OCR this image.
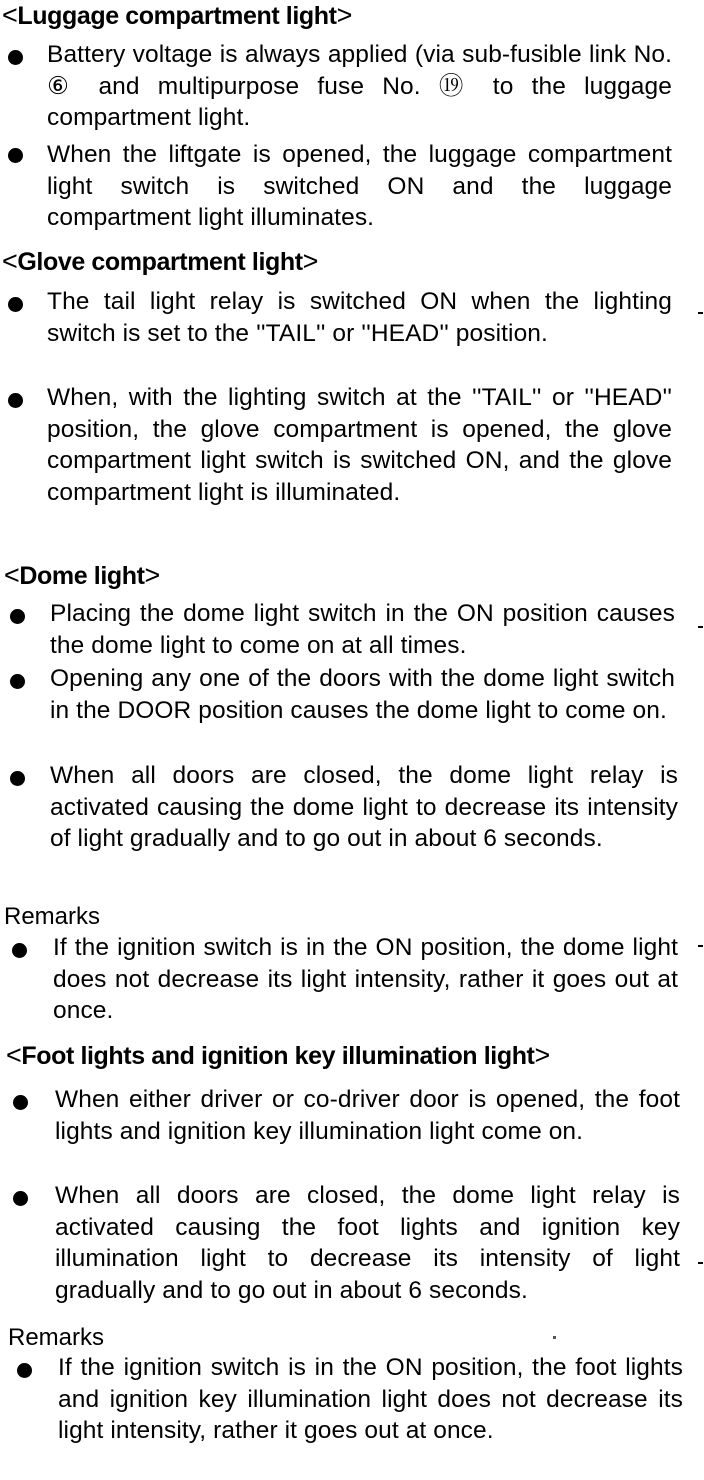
<Luggage compartment light>
Battery voltage is always applied (via sub-fusible link No. ⑥ and multipurpose fuse No. ⑲ to the luggage compartment light.
When the liftgate is opened, the luggage compartment light switch is switched ON and the luggage compartment light illuminates.
<Glove compartment light>
The tail light relay is switched ON when the lighting switch is set to the ''TAIL'' or ''HEAD'' position.
When, with the lighting switch at the ''TAIL'' or ''HEAD'' position, the glove compartment is opened, the glove compartment light switch is switched ON, and the glove compartment light is illuminated.
<Dome light>
Placing the dome light switch in the ON position causes the dome light to come on at all times.
Opening any one of the doors with the dome light switch in the DOOR position causes the dome light to come on.
When all doors are closed, the dome light relay is activated causing the dome light to decrease its intensity of light gradually and to go out in about 6 seconds.
Remarks
If the ignition switch is in the ON position, the dome light does not decrease its light intensity, rather it goes out at once.
<Foot lights and ignition key illumination light>
When either driver or co-driver door is opened, the foot lights and ignition key illumination light come on.
When all doors are closed, the dome light relay is activated causing the foot lights and ignition key illumination light to decrease its intensity of light gradually and to go out in about 6 seconds.
Remarks
If the ignition switch is in the ON position, the foot lights and ignition key illumination light does not decrease its light intensity, rather it goes out at once.
